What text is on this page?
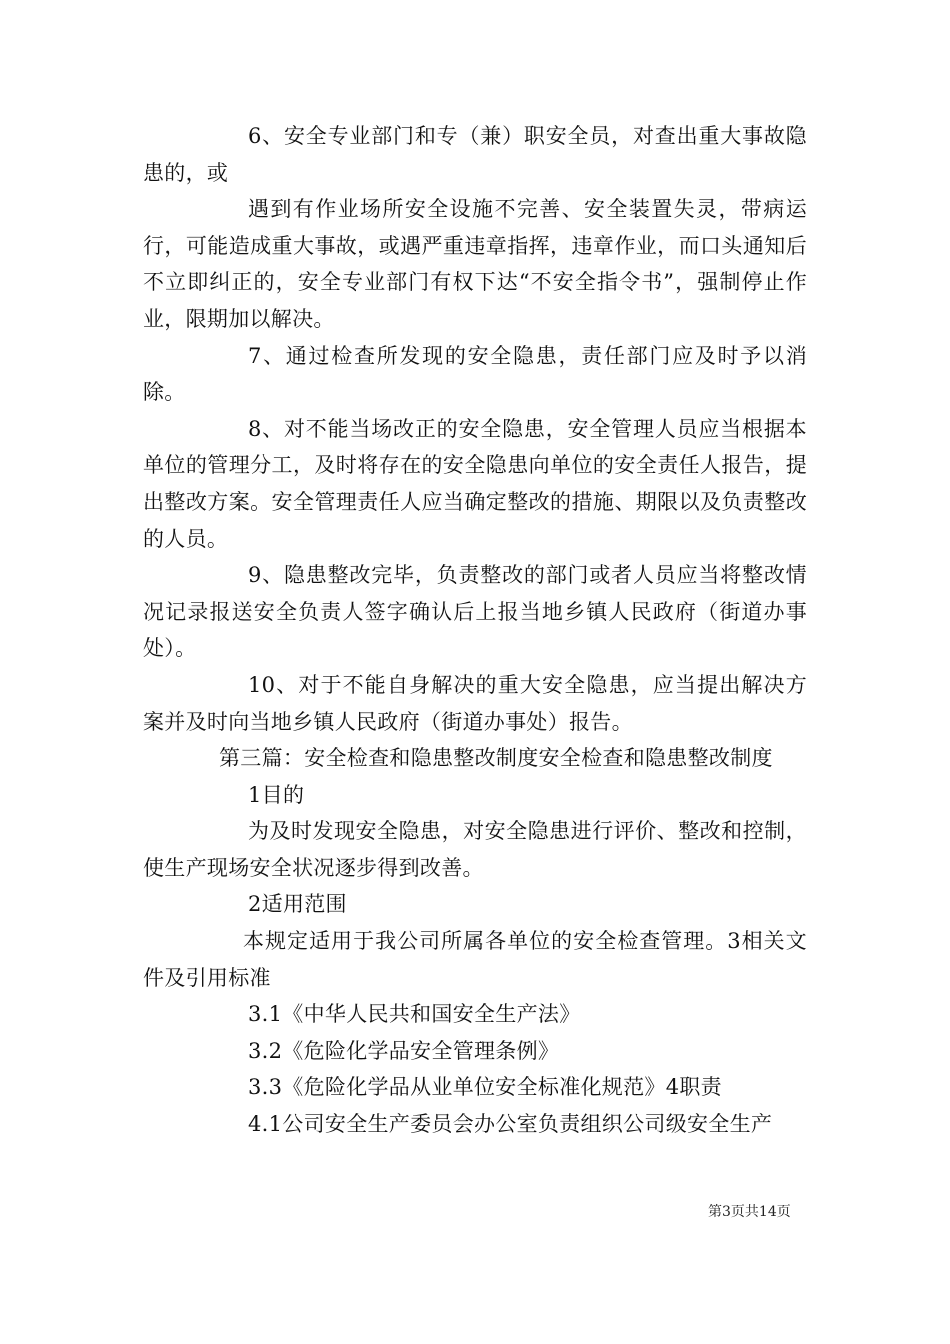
6、安全专业部门和专（兼）职安全员，对查出重大事故隐患的，或

遇到有作业场所安全设施不完善、安全装置失灵，带病运行，可能造成重大事故，或遇严重违章指挥，违章作业，而口头通知后不立即纠正的，安全专业部门有权下达“不安全指令书”，强制停止作业，限期加以解决。

7、通过检查所发现的安全隐患，责任部门应及时予以消除。

8、对不能当场改正的安全隐患，安全管理人员应当根据本单位的管理分工，及时将存在的安全隐患向单位的安全责任人报告，提出整改方案。安全管理责任人应当确定整改的措施、期限以及负责整改的人员。

9、隐患整改完毕，负责整改的部门或者人员应当将整改情况记录报送安全负责人签字确认后上报当地乡镇人民政府（街道办事处）。

10、对于不能自身解决的重大安全隐患，应当提出解决方案并及时向当地乡镇人民政府（街道办事处）报告。

第三篇：安全检查和隐患整改制度安全检查和隐患整改制度

1目的

为及时发现安全隐患，对安全隐患进行评价、整改和控制，使生产现场安全状况逐步得到改善。

2适用范围

本规定适用于我公司所属各单位的安全检查管理。3相关文件及引用标准

3.1《中华人民共和国安全生产法》

3.2《危险化学品安全管理条例》

3.3《危险化学品从业单位安全标准化规范》4职责

4.1公司安全生产委员会办公室负责组织公司级安全生产

第3页共14页
